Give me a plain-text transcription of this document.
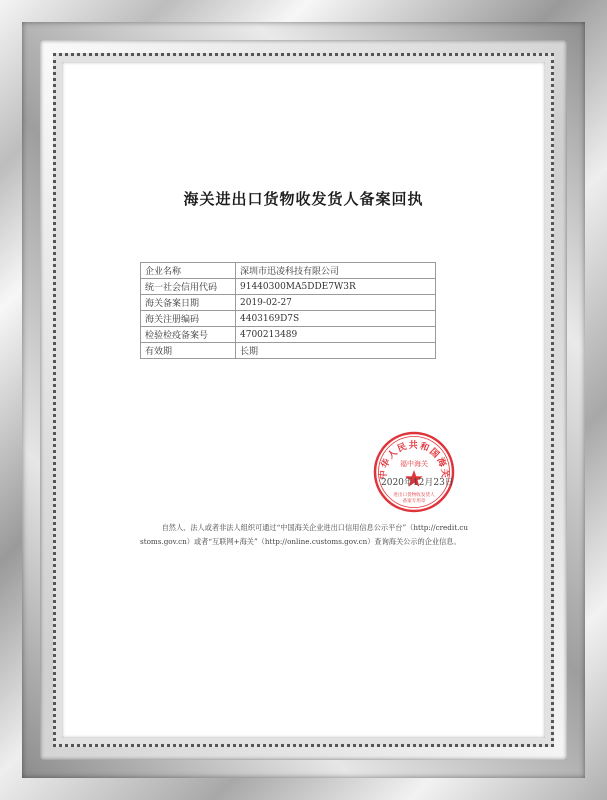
海关进出口货物收发货人备案回执
企业名称	深圳市迅凌科技有限公司
统一社会信用代码	91440300MA5DDE7W3R
海关备案日期	2019-02-27
海关注册编码	4403169D7S
检验检疫备案号	4700213489
有效期	长期
中华人民共和国海关
福中海关
进出口货物收发货人
备案专用章
2020年12月23日
自然人、法人或者非法人组织可通过“中国海关企业进出口信用信息公示平台”（http://credit.customs.gov.cn）或者“互联网+海关”（http://online.customs.gov.cn）查询海关公示的企业信息。
